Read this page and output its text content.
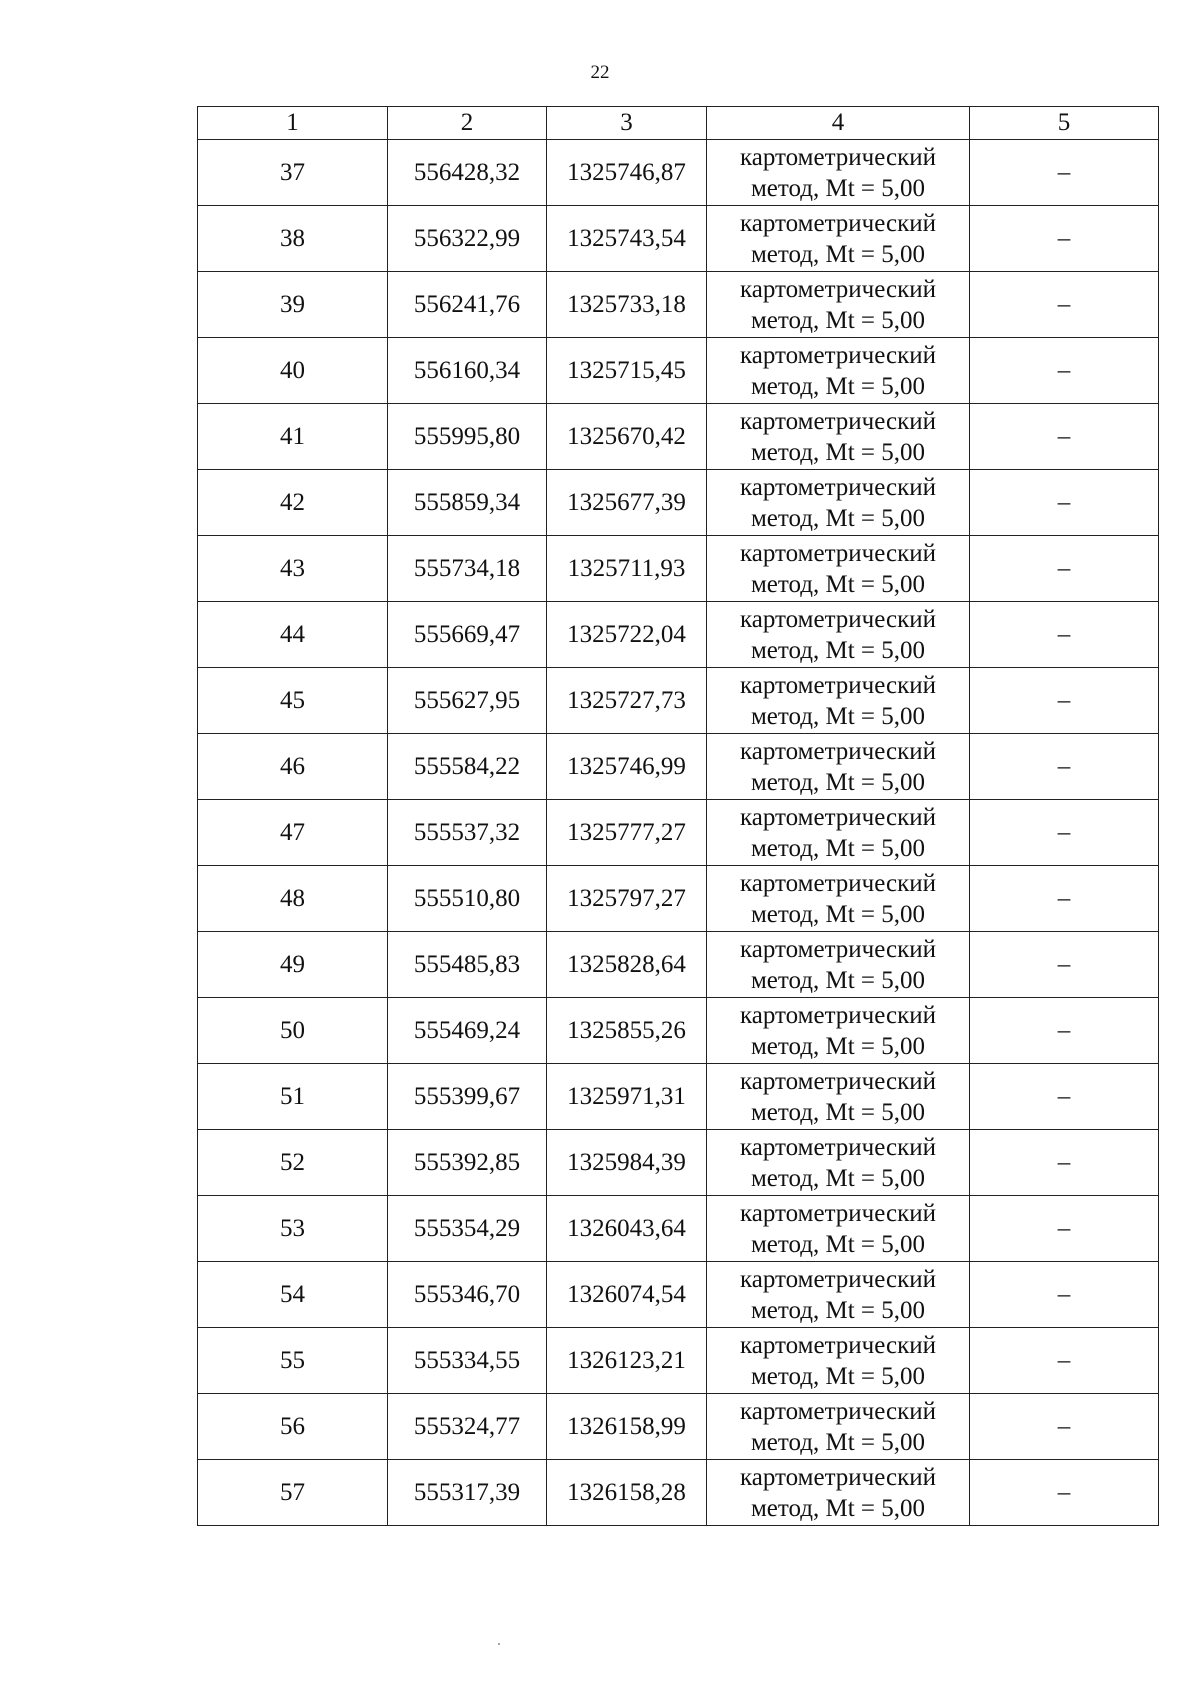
22
1	2	3	4	5
37	556428,32	1325746,87	картометрический
метод, Mt = 5,00	–
38	556322,99	1325743,54	картометрический
метод, Mt = 5,00	–
39	556241,76	1325733,18	картометрический
метод, Mt = 5,00	–
40	556160,34	1325715,45	картометрический
метод, Mt = 5,00	–
41	555995,80	1325670,42	картометрический
метод, Mt = 5,00	–
42	555859,34	1325677,39	картометрический
метод, Mt = 5,00	–
43	555734,18	1325711,93	картометрический
метод, Mt = 5,00	–
44	555669,47	1325722,04	картометрический
метод, Mt = 5,00	–
45	555627,95	1325727,73	картометрический
метод, Mt = 5,00	–
46	555584,22	1325746,99	картометрический
метод, Mt = 5,00	–
47	555537,32	1325777,27	картометрический
метод, Mt = 5,00	–
48	555510,80	1325797,27	картометрический
метод, Mt = 5,00	–
49	555485,83	1325828,64	картометрический
метод, Mt = 5,00	–
50	555469,24	1325855,26	картометрический
метод, Mt = 5,00	–
51	555399,67	1325971,31	картометрический
метод, Mt = 5,00	–
52	555392,85	1325984,39	картометрический
метод, Mt = 5,00	–
53	555354,29	1326043,64	картометрический
метод, Mt = 5,00	–
54	555346,70	1326074,54	картометрический
метод, Mt = 5,00	–
55	555334,55	1326123,21	картометрический
метод, Mt = 5,00	–
56	555324,77	1326158,99	картометрический
метод, Mt = 5,00	–
57	555317,39	1326158,28	картометрический
метод, Mt = 5,00	–
